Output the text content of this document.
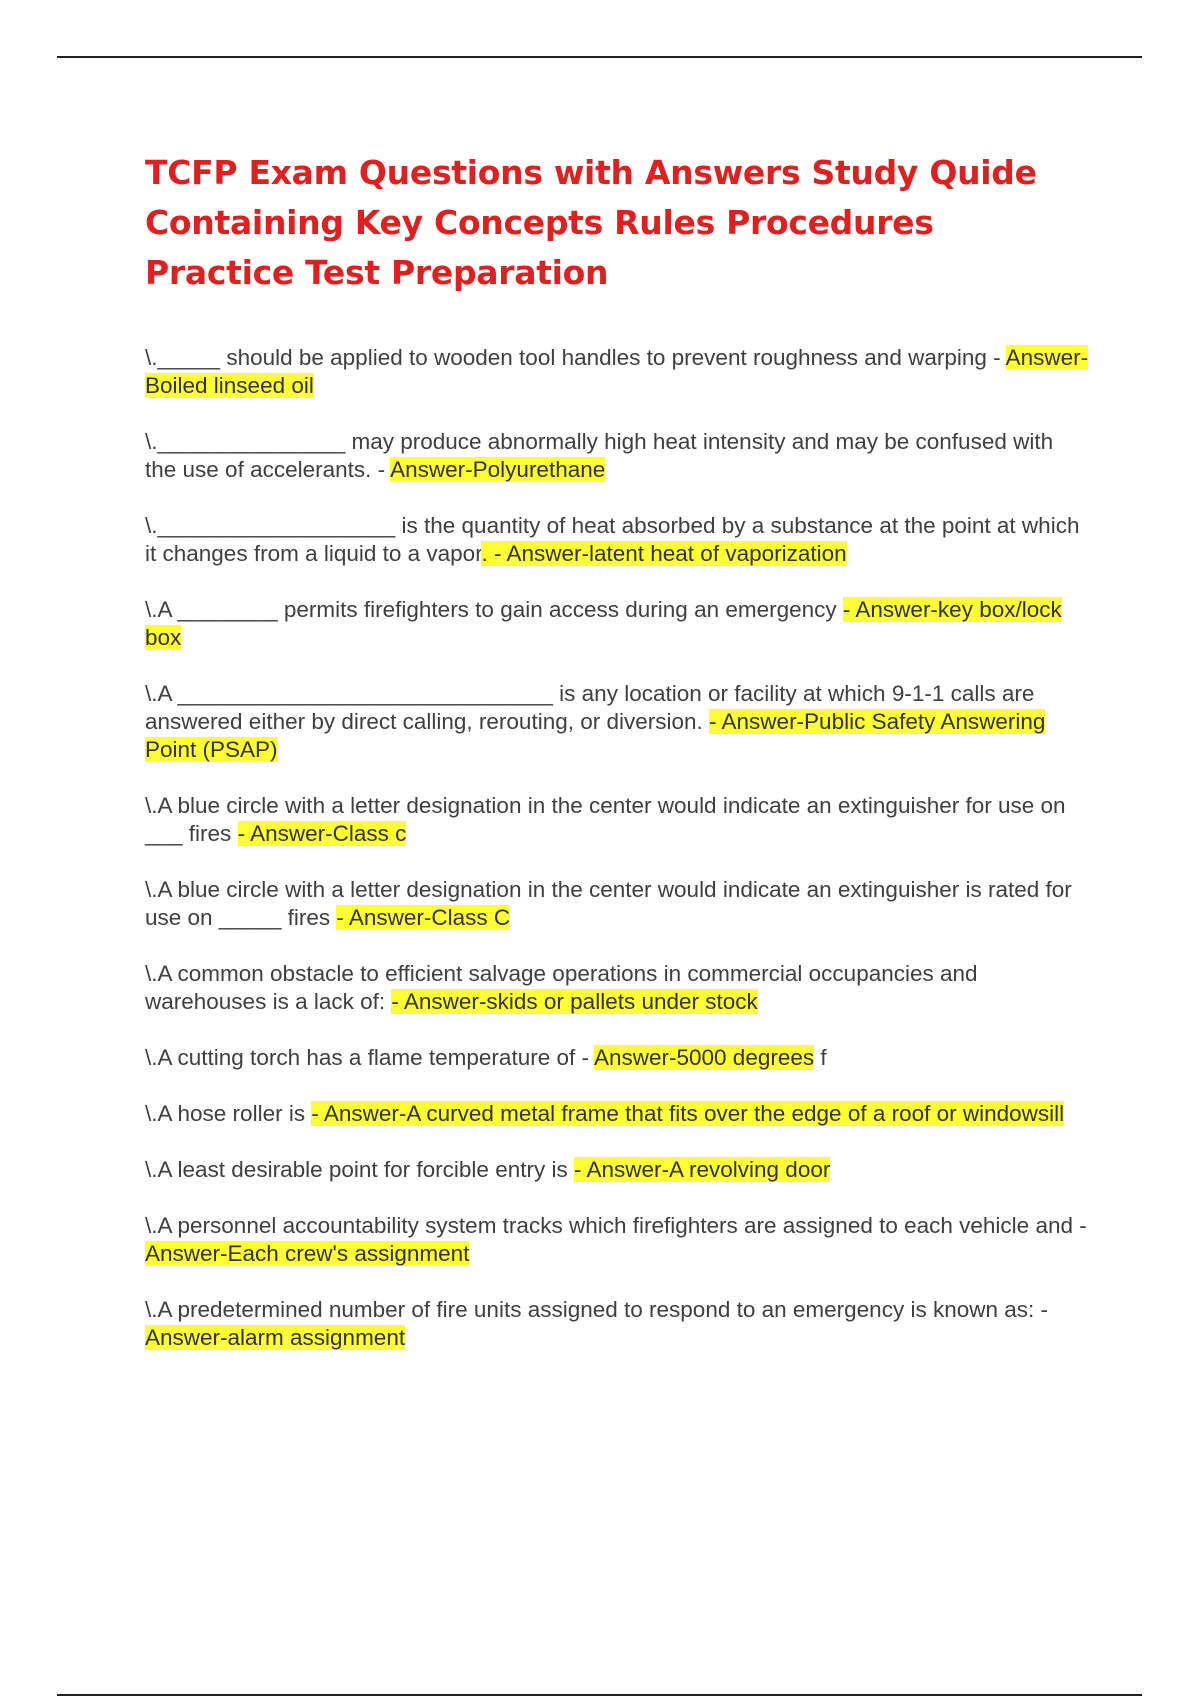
TCFP Exam Questions with Answers Study Quide Containing Key Concepts Rules Procedures Practice Test Preparation

\._____ should be applied to wooden tool handles to prevent roughness and warping - Answer-Boiled linseed oil

\._______________ may produce abnormally high heat intensity and may be confused with the use of accelerants. - Answer-Polyurethane

\.___________________ is the quantity of heat absorbed by a substance at the point at which it changes from a liquid to a vapor. - Answer-latent heat of vaporization

\.A ________ permits firefighters to gain access during an emergency - Answer-key box/lock box

\.A ______________________________ is any location or facility at which 9-1-1 calls are answered either by direct calling, rerouting, or diversion. - Answer-Public Safety Answering Point (PSAP)

\.A blue circle with a letter designation in the center would indicate an extinguisher for use on ___ fires - Answer-Class c

\.A blue circle with a letter designation in the center would indicate an extinguisher is rated for use on _____ fires - Answer-Class C

\.A common obstacle to efficient salvage operations in commercial occupancies and warehouses is a lack of: - Answer-skids or pallets under stock

\.A cutting torch has a flame temperature of - Answer-5000 degrees f

\.A hose roller is - Answer-A curved metal frame that fits over the edge of a roof or windowsill

\.A least desirable point for forcible entry is - Answer-A revolving door

\.A personnel accountability system tracks which firefighters are assigned to each vehicle and - Answer-Each crew's assignment

\.A predetermined number of fire units assigned to respond to an emergency is known as: - Answer-alarm assignment
